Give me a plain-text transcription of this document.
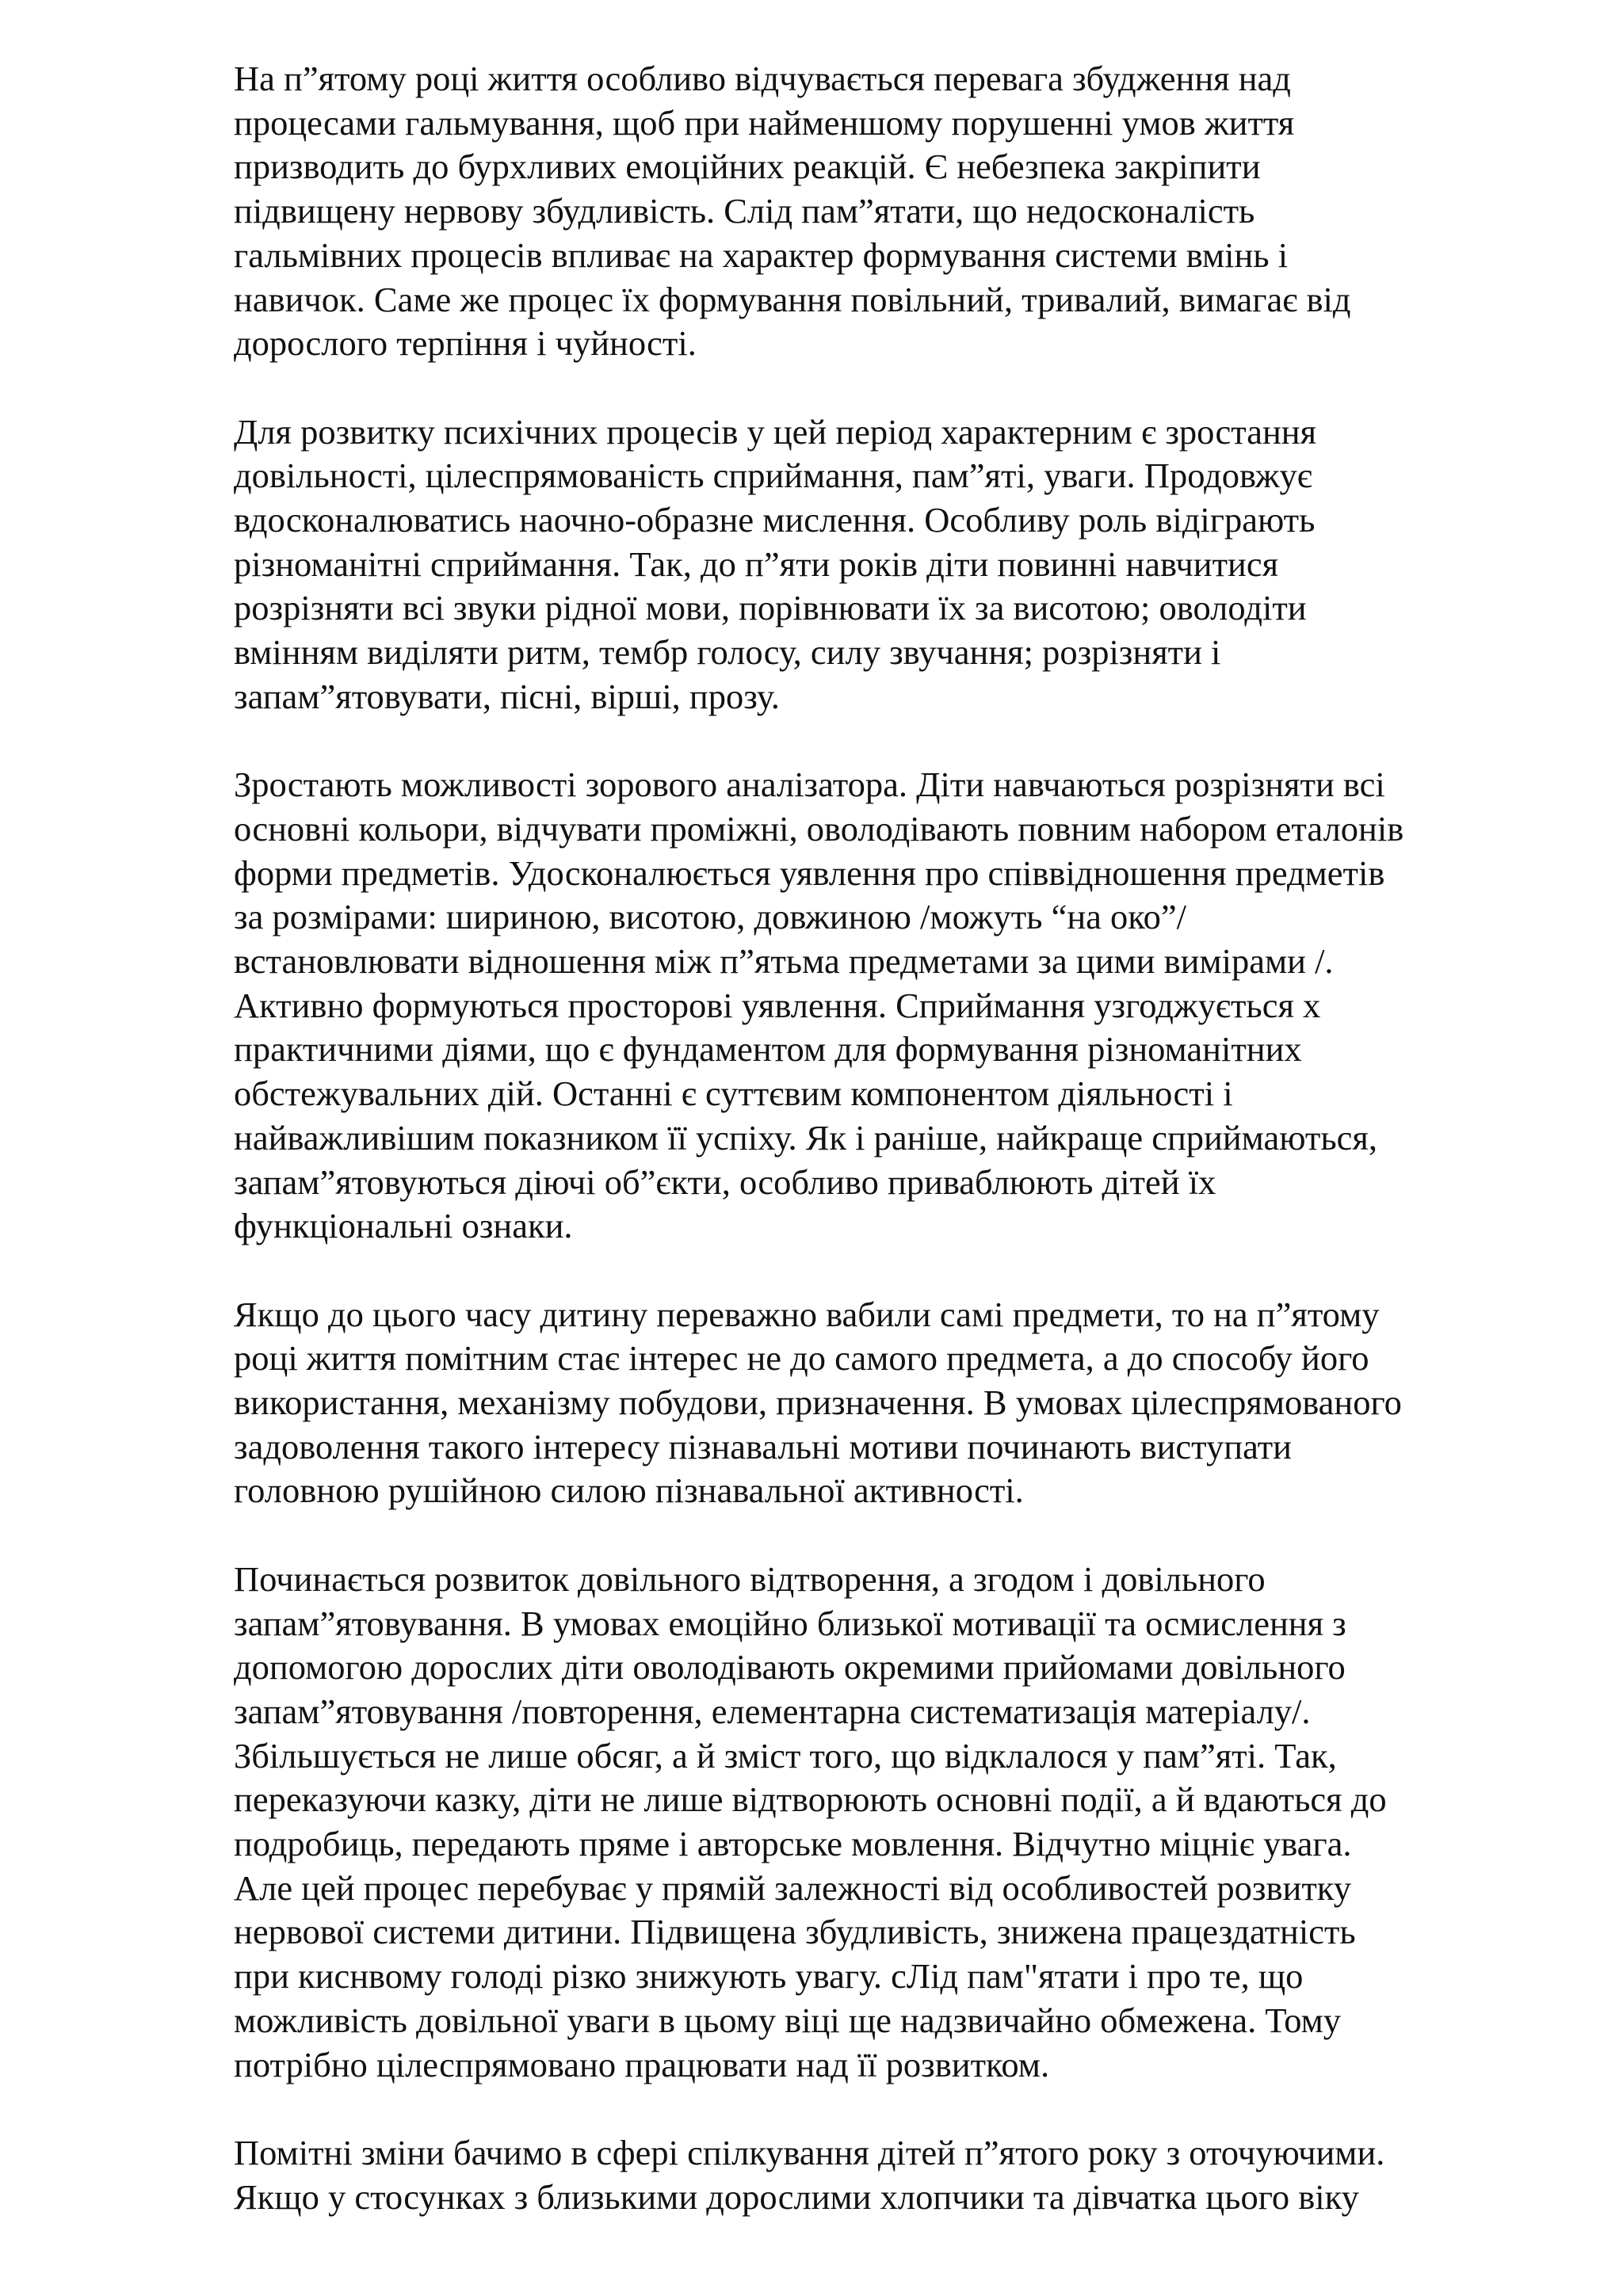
На п”ятому році життя особливо відчувається перевага збудження над
процесами гальмування, щоб при найменшому порушенні умов життя
призводить до бурхливих емоційних реакцій. Є небезпека закріпити
підвищену нервову збудливість. Слід пам”ятати, що недосконаліcть
гальмівних процесів впливає на характер формування системи вмінь і
навичок. Саме же процес їх формування повільний, тривалий, вимагає від
дорослого терпіння і чуйності.

Для розвитку психічних процесів у цей період характерним є зростання
довільності, цілеспрямованість сприймання, пам”яті, уваги. Продовжує
вдосконалюватись наочно-образне мислення. Особливу роль відіграють
різноманітні сприймання. Так, до п”яти років діти повинні навчитися
розрізняти всі звуки рідної мови, порівнювати їх за висотою; оволодіти
вмінням виділяти ритм, тембр голосу, силу звучання; розрізняти і
запам”ятовувати, пісні, вірші, прозу.

Зростають можливості зорового аналізатора. Діти навчаються розрізняти всі
основні кольори, відчувати проміжні, оволодівають повним набором еталонів
форми предметів. Удосконалюється уявлення про співвідношення предметів
за розмірами: шириною, висотою, довжиною /можуть “на око”/
встановлювати відношення між п”ятьма предметами за цими вимірами /.
Активно формуються просторові уявлення. Сприймання узгоджується х
практичними діями, що є фундаментом для формування різноманітних
обстежувальних дій. Останні є суттєвим компонентом діяльності і
найважливішим показником її успіху. Як і раніше, найкраще сприймаються,
запам”ятовуються діючі об”єкти, особливо приваблюють дітей їх
функціональні ознаки.

Якщо до цього часу дитину переважно вабили самі предмети, то на п”ятому
році життя помітним стає інтерес не до самого предмета, а до способу його
використання, механізму побудови, призначення. В умовах цілеспрямованого
задоволення такого інтересу пізнавальні мотиви починають виступати
головною рушійною силою пізнавальної активності.

Починається розвиток довільного відтворення, а згодом і довільного
запам”ятовування. В умовах емоційно близької мотивації та осмислення з
допомогою дорослих діти оволодівають окремими прийомами довільного
запам”ятовування /повторення, елементарна систематизація матеріалу/.
Збільшується не лише обсяг, а й зміст того, що відклалося у пам”яті. Так,
переказуючи казку, діти не лише відтворюють основні події, а й вдаються до
подробиць, передають пряме і авторське мовлення. Відчутно міцніє увага.
Але цей процес перебуває у прямій залежності від особливостей розвитку
нервової системи дитини. Підвищена збудливість, знижена працездатність
при киснвому голоді різко знижують увагу. сЛід пам"ятати і про те, що
можливість довільної уваги в цьому віці ще надзвичайно обмежена. Тому
потрібно цілеспрямовано працювати над її розвитком.

Помітні зміни бачимо в сфері спілкування дітей п”ятого року з оточуючими.
Якщо у стосунках з близькими дорослими хлопчики та дівчатка цього віку
